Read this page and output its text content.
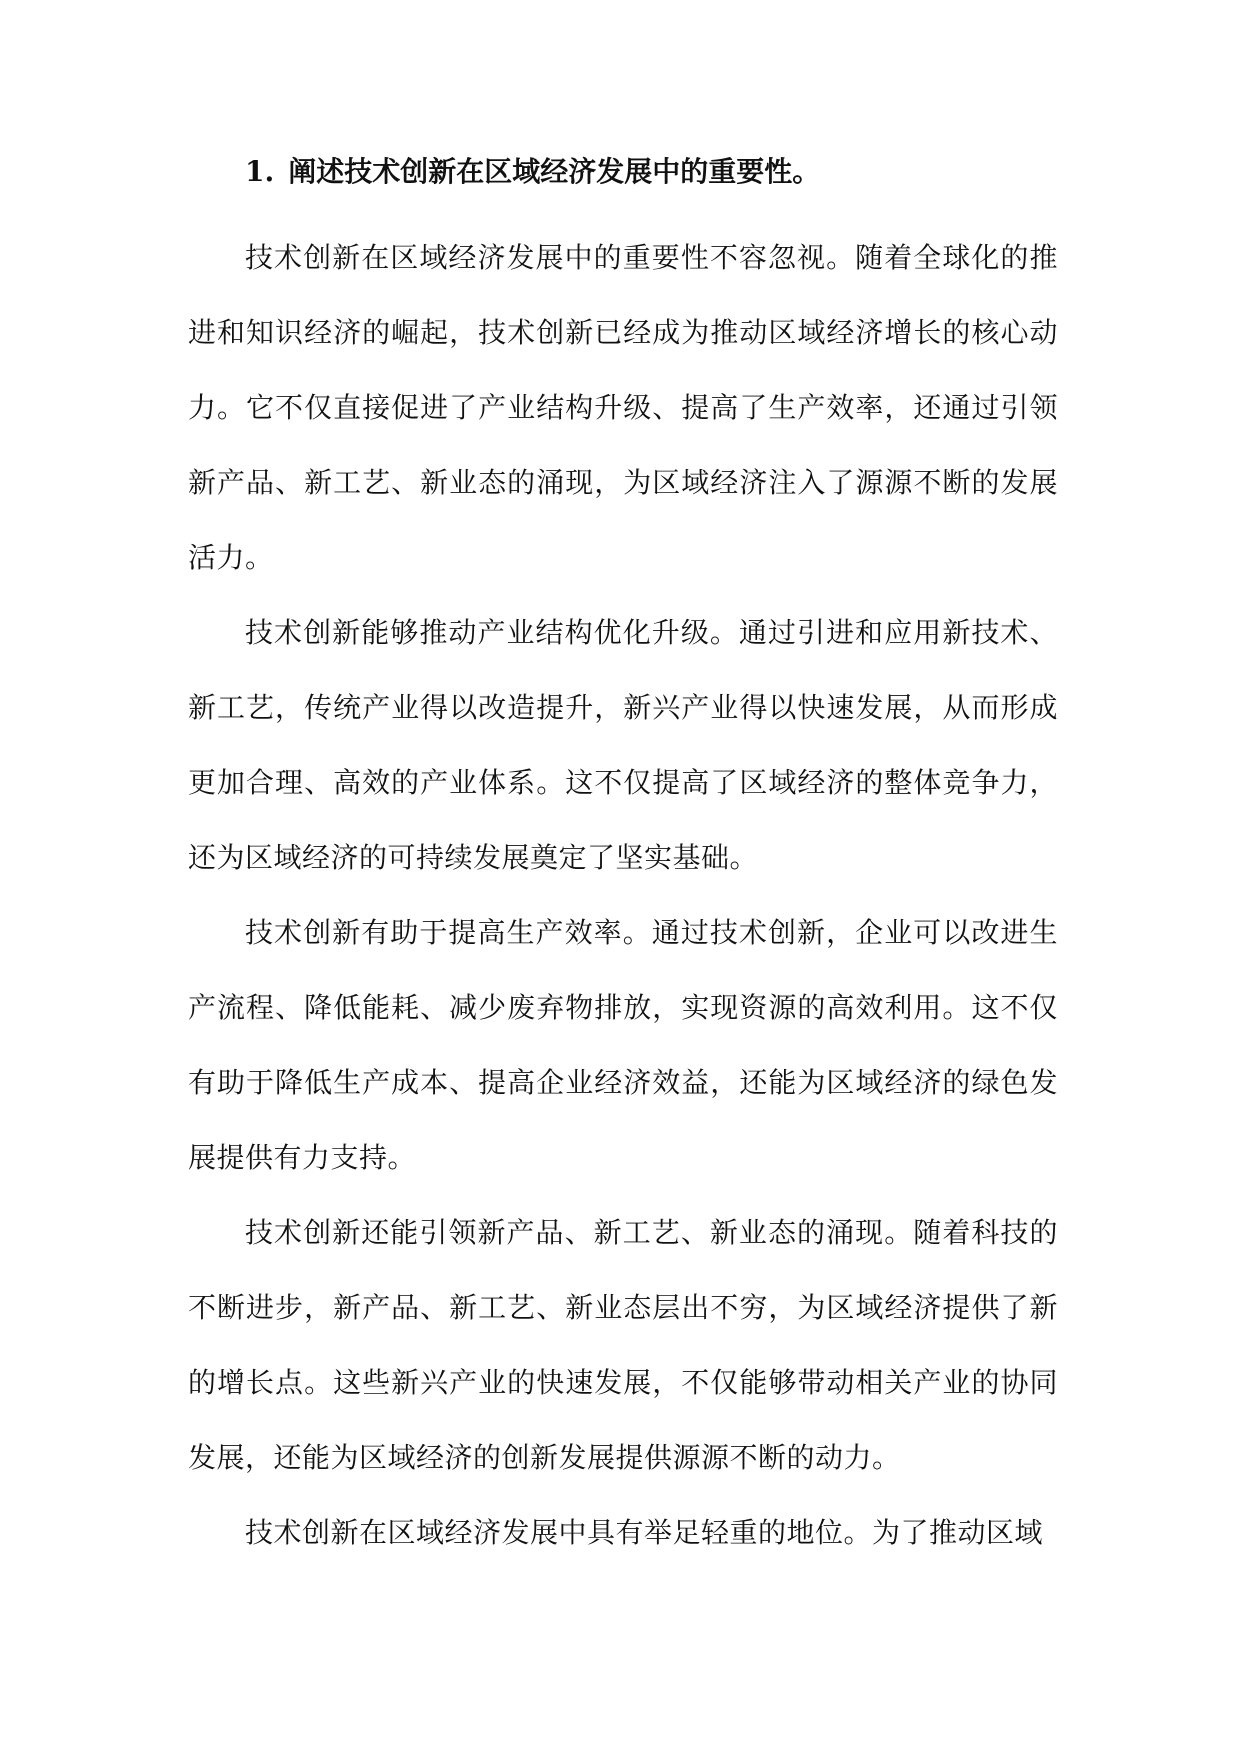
1. 阐述技术创新在区域经济发展中的重要性。

技术创新在区域经济发展中的重要性不容忽视。随着全球化的推进和知识经济的崛起，技术创新已经成为推动区域经济增长的核心动力。它不仅直接促进了产业结构升级、提高了生产效率，还通过引领新产品、新工艺、新业态的涌现，为区域经济注入了源源不断的发展活力。

技术创新能够推动产业结构优化升级。通过引进和应用新技术、新工艺，传统产业得以改造提升，新兴产业得以快速发展，从而形成更加合理、高效的产业体系。这不仅提高了区域经济的整体竞争力，还为区域经济的可持续发展奠定了坚实基础。

技术创新有助于提高生产效率。通过技术创新，企业可以改进生产流程、降低能耗、减少废弃物排放，实现资源的高效利用。这不仅有助于降低生产成本、提高企业经济效益，还能为区域经济的绿色发展提供有力支持。

技术创新还能引领新产品、新工艺、新业态的涌现。随着科技的不断进步，新产品、新工艺、新业态层出不穷，为区域经济提供了新的增长点。这些新兴产业的快速发展，不仅能够带动相关产业的协同发展，还能为区域经济的创新发展提供源源不断的动力。

技术创新在区域经济发展中具有举足轻重的地位。为了推动区域
